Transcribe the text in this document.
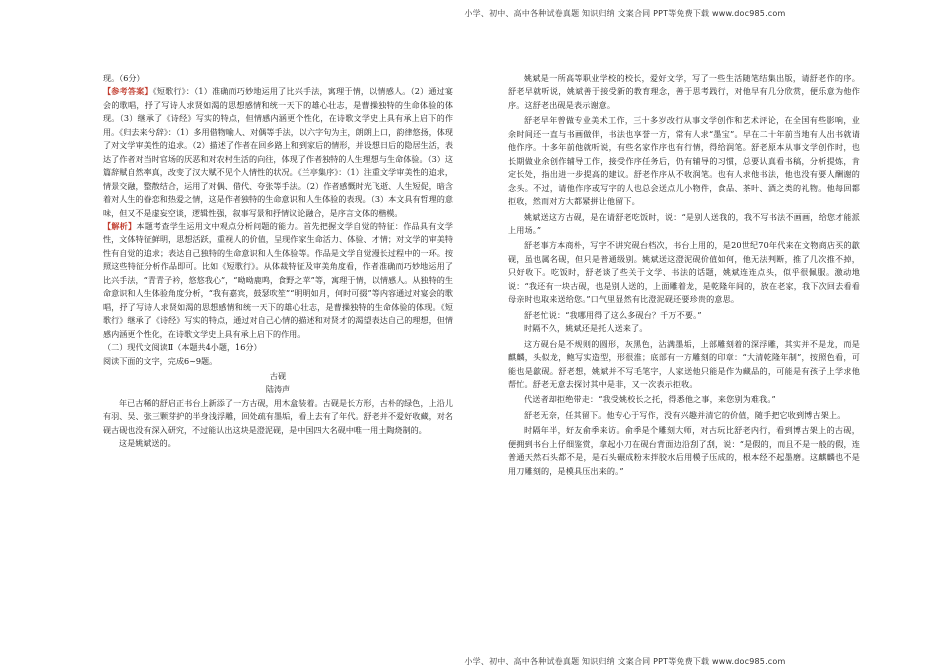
小学、初中、高中各种试卷真题 知识归纳 文案合同 PPT等免费下载 www.doc985.com

现。（6分）

【参考答案】《短歌行》：（1）准确而巧妙地运用了比兴手法，寓理于情，以情感人。（2）通过宴会的歌唱，抒了写诗人求贤如渴的思想感情和统一天下的雄心壮志，是曹操独特的生命体验的体现。（3）继承了《诗经》写实的特点，但情感内涵更个性化，在诗歌文学史上具有承上启下的作用。《归去来兮辞》：（1）多用借物喻人、对偶等手法，以六字句为主，朗朗上口，韵律悠扬，体现了对文学审美性的追求。（2）描述了作者在回乡路上和到家后的情形，并设想日后的隐居生活，表达了作者对当时官场的厌恶和对农村生活的向往，体现了作者独特的人生理想与生命体验。（3）这篇辞赋自然率真，改变了汉大赋不见个人情性的状况。《兰亭集序》：（1）注重文学审美性的追求，情景交融，整散结合，运用了对偶、借代、夸张等手法。（2）作者感慨时光飞逝、人生短促，暗含着对人生的眷恋和热爱之情，这是作者独特的生命意识和人生体验的表现。（3）本文具有哲理的意味，但又不是虚妄空谈，逻辑性强，叙事写景和抒情议论融合，是序言文体的楷模。

【解析】本题考查学生运用文中观点分析问题的能力。首先把握文学自觉的特征：作品具有文学性，文体特征鲜明，思想活跃，重视人的价值，呈现作家生命活力、体验、才情；对文学的审美特性有自觉的追求；表达自己独特的生命意识和人生体验等。作品是文学自觉漫长过程中的一环。按照这些特征分析作品即可。比如《短歌行》。从体裁特征及审美角度看，作者准确而巧妙地运用了比兴手法，“青青子衿，悠悠我心”，“呦呦鹿鸣，食野之苹”等，寓理于情，以情感人。从独特的生命意识和人生体验角度分析，“我有嘉宾，鼓瑟吹笙”“明明如月，何时可掇”等内容通过对宴会的歌唱，抒了写诗人求贤如渴的思想感情和统一天下的雄心壮志，是曹操独特的生命体验的体现。《短歌行》继承了《诗经》写实的特点，通过对自己心情的描述和对贤才的渴望表达自己的理想，但情感内涵更个性化，在诗歌文学史上具有承上启下的作用。

（二）现代文阅读Ⅱ（本题共4小题，16分）

阅读下面的文字，完成6~9题。

古砚

陆涛声

年已古稀的舒启正书台上新添了一方古砚，用木盒装着。古砚是长方形，古朴的绿色，上沿儿有羽、吴、张三颗芽护的半身浅浮雕，回处疏有墨垢，看上去有了年代。舒老并不爱好收藏，对名砚古砚也没有深入研究，不过能认出这块是澄泥砚，是中国四大名砚中唯一用土陶烧制的。

这是姚斌送的。

姚斌是一所高等职业学校的校长，爱好文学，写了一些生活随笔结集出版，请舒老作的序。舒老早就听说，姚斌善于接受新的教育理念，善于思考践行，对他早有几分欣赏，便乐意为他作序。这舒老出砚是表示谢意。

舒老早年曾做专业美术工作，三十多岁改行从事文学创作和艺术评论，在全国有些影响，业余时间还一直与书画做伴，书法也享誉一方，常有人求“墨宝”。早在二十年前当地有人出书就请他作序。十多年前他就听说，有些名家作序也有行情，得给润笔。舒老原本从事文学创作时，也长期做业余创作辅导工作，接受作序任务后，仍有辅导的习惯，总要认真看书稿，分析提炼，肯定长处，指出进一步提高的建议。舒老作序从不收润笔。也有人求他书法，他也没有要人酬谢的念头。不过，请他作序或写字的人也总会送点儿小物件，食品、茶叶、酒之类的礼物。他每回都拒收，然而对方大都紧拼让他留下。

姚斌送这方古砚，是在请舒老吃饭时，说：“是别人送我的，我不写书法不画画，给您才能派上用场。”

舒老事方本商朴，写字不讲究砚台档次，书台上用的，是20世纪70年代来在文物商店买的歙砚，虽也属名砚，但只是普通级别。姚斌送这澄泥砚价值如何，他无法判断，推了几次推不掉，只好收下。吃饭时，舒老谈了些关于文学、书法的话题，姚斌连连点头，似乎很佩服。激动地说：“我还有一块古砚，也是别人送的，上面雕着龙，是乾隆年间的，放在老家，我下次回去看看母亲时也取来送给您。”口气里显然有比澄泥砚还要珍贵的意思。

舒老忙说：“我哪用得了这么多砚台？千万不要。”

时隔不久，姚斌还是托人送来了。

这方砚台是不规则的圆形，灰黑色，沾满墨垢，上部雕刻着的深浮雕，其实并不是龙，而是麒麟，头似龙，鲍写实造型，形很淮；底部有一方雕刻的印章：“大清乾隆年制”，按照色看，可能也是歙砚。舒老想，姚斌并不写毛笔字，人家送他只能是作为藏品的，可能是有孩子上学求他帮忙。舒老无意去探讨其中是非，又一次表示拒收。

代送者却拒绝带走：“我受姚校长之托，得悉他之事，来您别为难我。”

舒老无奈，任其留下。他专心于写作，没有兴趣并清它的价值，随手把它收到博古架上。

时隔年半，好友俞季来访。俞季是个雕刻大师，对古玩比舒老内行，看到博古架上的古砚，便拥到书台上仔细鉴赏，拿起小刀在砚台背面边沿刮了刮，说：“是假的，而且不是一般的假，连普通天然石头都不是，是石头碾成粉末拌胶水后用模子压成的，根本经不起墨磨。这麒麟也不是用刀雕刻的，是模具压出来的。”

小学、初中、高中各种试卷真题 知识归纳 文案合同 PPT等免费下载 www.doc985.com
